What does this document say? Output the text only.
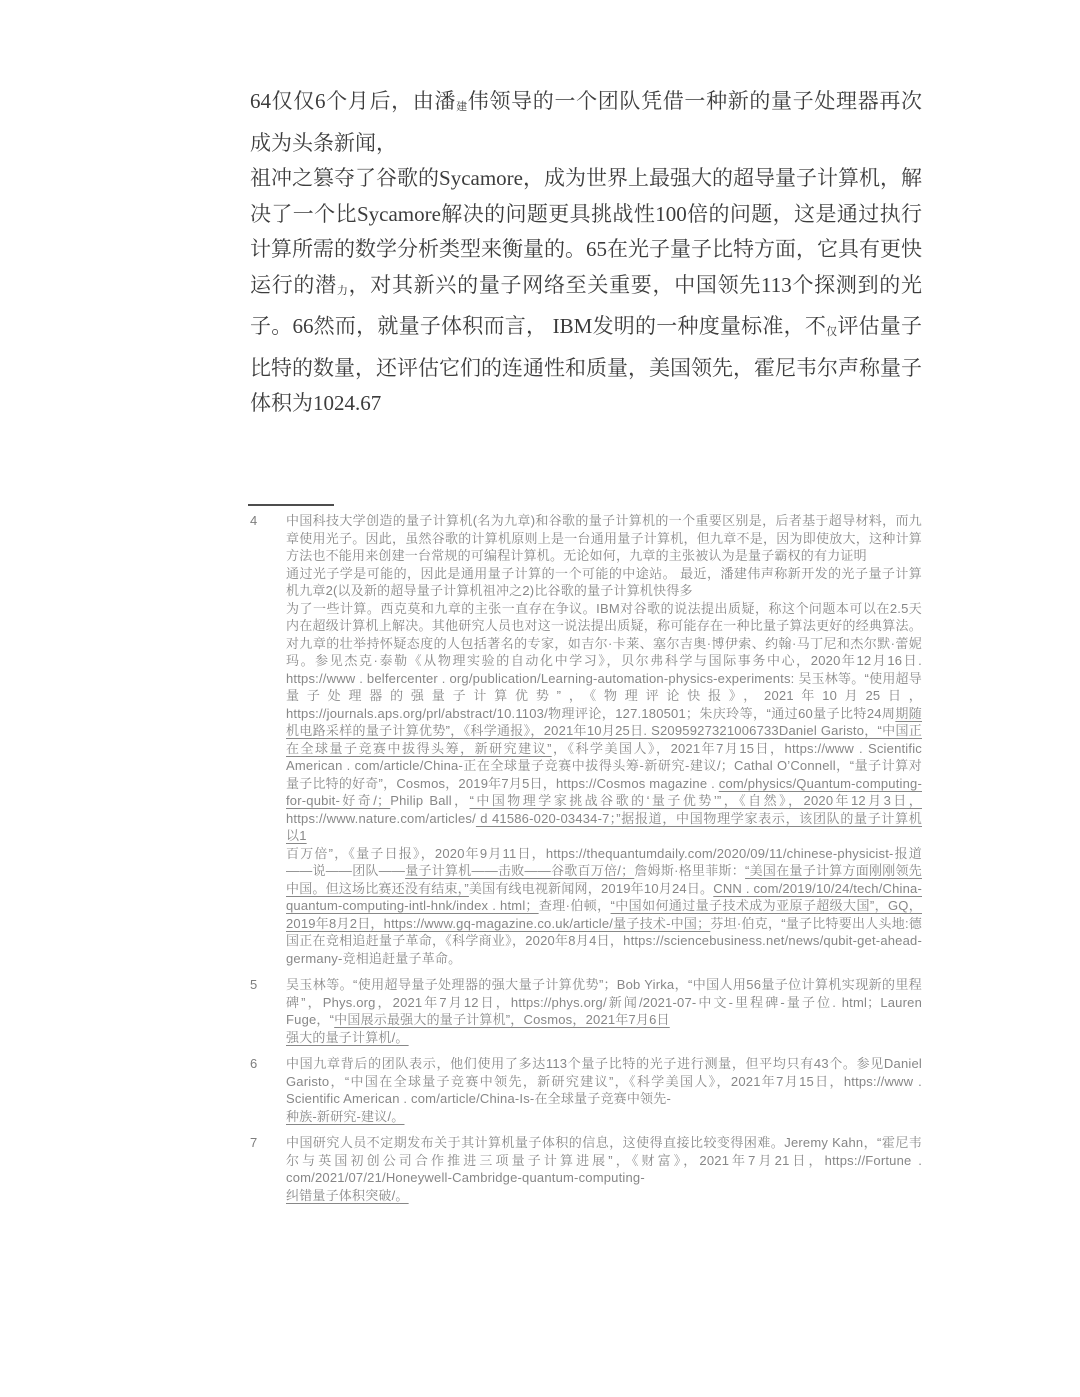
64仅仅6个月后，由潘建伟领导的一个团队凭借一种新的量子处理器再次成为头条新闻，

祖冲之篡夺了谷歌的Sycamore，成为世界上最强大的超导量子计算机，解决了一个比Sycamore解决的问题更具挑战性100倍的问题，这是通过执行计算所需的数学分析类型来衡量的。65在光子量子比特方面，它具有更快运行的潜力，对其新兴的量子网络至关重要，中国领先113个探测到的光子。66然而，就量子体积而言， IBM发明的一种度量标准，不仅评估量子比特的数量，还评估它们的连通性和质量，美国领先，霍尼韦尔声称量子体积为1024.67

4	中国科技大学创造的量子计算机(名为九章)和谷歌的量子计算机的一个重要区别是，后者基于超导材料，而九章使用光子。因此，虽然谷歌的计算机原则上是一台通用量子计算机，但九章不是，因为即使放大，这种计算方法也不能用来创建一台常规的可编程计算机。无论如何，九章的主张被认为是量子霸权的有力证明
通过光子学是可能的，因此是通用量子计算的一个可能的中途站。 最近，潘建伟声称新开发的光子量子计算机九章2(以及新的超导量子计算机祖冲之2)比谷歌的量子计算机快得多
为了一些计算。西克莫和九章的主张一直存在争议。IBM对谷歌的说法提出质疑，称这个问题本可以在2.5天内在超级计算机上解决。其他研究人员也对这一说法提出质疑，称可能存在一种比量子算法更好的经典算法。对九章的壮举持怀疑态度的人包括著名的专家，如吉尔·卡莱、塞尔吉奥·博伊索、约翰·马丁尼和杰尔默·蕾妮玛。参见杰克·泰勒《从物理实验的自动化中学习》，贝尔弗科学与国际事务中心，2020年12月16日. https://www . belfercenter . org/publication/Learning-automation-physics-experiments: 吴玉林等。“使用超导量子处理器的强量子计算优势”，《物理评论快报》，2021年10月25日，https://journals.aps.org/prl/abstract/10.1103/物理评论，127.180501；朱庆玲等，“通过60量子比特24周期随机电路采样的量子计算优势”，《科学通报》，2021年10月25日. S2095927321006733Daniel Garisto，“中国正在全球量子竞赛中拔得头筹，新研究建议”，《科学美国人》，2021年7月15日，https://www . Scientific American . com/article/China-正在全球量子竞赛中拔得头筹-新研究-建议/；Cathal O’Connell，“量子计算对量子比特的好奇”，Cosmos，2019年7月5日，https://Cosmos magazine . com/physics/Quantum-computing-for-qubit-好奇/；Philip Ball，“中国物理学家挑战谷歌的‘量子优势’”，《自然》，2020年12月3日，https://www.nature.com/articles/ d 41586-020-03434-7；”据报道，中国物理学家表示，该团队的量子计算机以1
百万倍”，《量子日报》，2020年9月11日，https://thequantumdaily.com/2020/09/11/chinese-physicist-报道——说——团队——量子计算机——击败——谷歌百万倍/；詹姆斯·格里菲斯：“美国在量子计算方面刚刚领先中国。但这场比赛还没有结束，”美国有线电视新闻网，2019年10月24日。CNN . com/2019/10/24/tech/China-quantum-computing-intl-hnk/index . html；查理·伯顿，“中国如何通过量子技术成为亚原子超级大国”，GQ，2019年8月2日，https://www.gq-magazine.co.uk/article/量子技术-中国；芬坦·伯克，“量子比特要出人头地:德国正在竞相追赶量子革命，《科学商业》，2020年8月4日，https://sciencebusiness.net/news/qubit-get-ahead-germany-竞相追赶量子革命。
5	吴玉林等。“使用超导量子处理器的强大量子计算优势”；Bob Yirka，“中国人用56量子位计算机实现新的里程碑”，Phys.org，2021年7月12日，https://phys.org/新闻/2021-07-中文-里程碑-量子位. html；Lauren Fuge，“中国展示最强大的量子计算机”，Cosmos，2021年7月6日
强大的量子计算机/。
6	中国九章背后的团队表示，他们使用了多达113个量子比特的光子进行测量，但平均只有43个。参见Daniel Garisto，“中国在全球量子竞赛中领先，新研究建议”，《科学美国人》，2021年7月15日，https://www . Scientific American . com/article/China-Is-在全球量子竞赛中领先-
种族-新研究-建议/。
7	中国研究人员不定期发布关于其计算机量子体积的信息，这使得直接比较变得困难。Jeremy Kahn，“霍尼韦尔与英国初创公司合作推进三项量子计算进展”，《财富》，2021年7月21日，https://Fortune . com/2021/07/21/Honeywell-Cambridge-quantum-computing-
纠错量子体积突破/。
